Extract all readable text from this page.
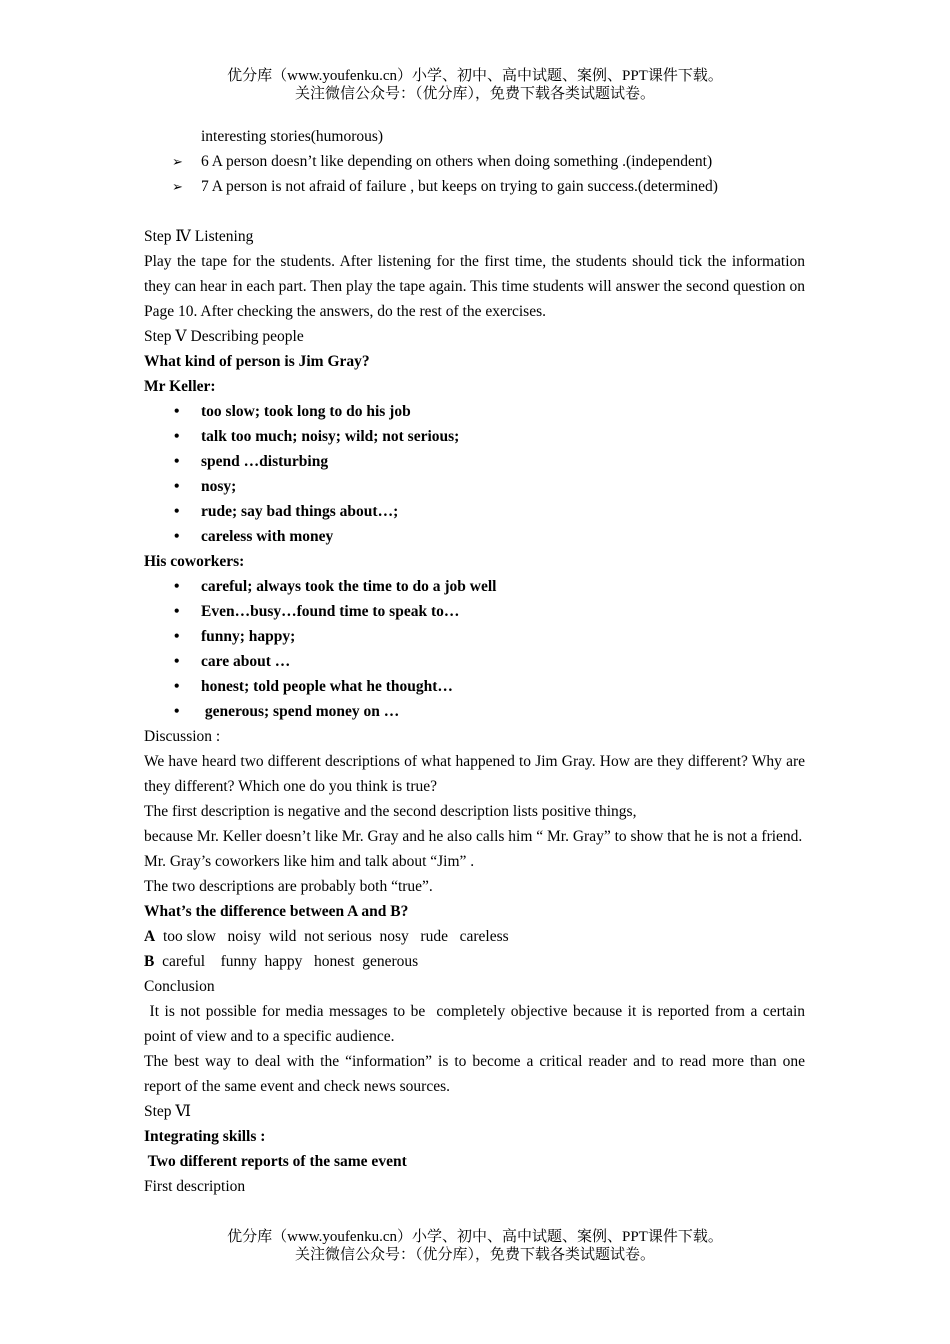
优分库（www.youfenku.cn）小学、初中、高中试题、案例、PPT课件下载。
关注微信公众号：（优分库），免费下载各类试题试卷。
interesting stories(humorous)
➢ 6 A person doesn’t like depending on others when doing something .(independent)
➢ 7 A person is not afraid of failure , but keeps on trying to gain success.(determined)
Step Ⅳ Listening
Play the tape for the students. After listening for the first time, the students should tick the information they can hear in each part. Then play the tape again. This time students will answer the second question on Page 10. After checking the answers, do the rest of the exercises.
Step Ⅴ Describing people
What kind of person is Jim Gray?
Mr Keller:
• too slow; took long to do his job
• talk too much; noisy; wild; not serious;
• spend …disturbing
• nosy;
• rude; say bad things about…;
• careless with money
His coworkers:
• careful; always took the time to do a job well
• Even…busy…found time to speak to…
• funny; happy;
• care about …
• honest; told people what he thought…
• generous; spend money on …
Discussion :
We have heard two different descriptions of what happened to Jim Gray. How are they different? Why are they different? Which one do you think is true?
The first description is negative and the second description lists positive things,
because Mr. Keller doesn’t like Mr. Gray and he also calls him “ Mr. Gray” to show that he is not a friend.
Mr. Gray’s coworkers like him and talk about “Jim” .
The two descriptions are probably both “true”.
What’s the difference between A and B?
A too slow   noisy  wild  not serious  nosy   rude   careless
B careful    funny  happy   honest  generous
Conclusion
It is not possible for media messages to be  completely objective because it is reported from a certain point of view and to a specific audience.
The best way to deal with the “information” is to become a critical reader and to read more than one report of the same event and check news sources.
Step Ⅵ
Integrating skills :
Two different reports of the same event
First description
优分库（www.youfenku.cn）小学、初中、高中试题、案例、PPT课件下载。
关注微信公众号：（优分库），免费下载各类试题试卷。
